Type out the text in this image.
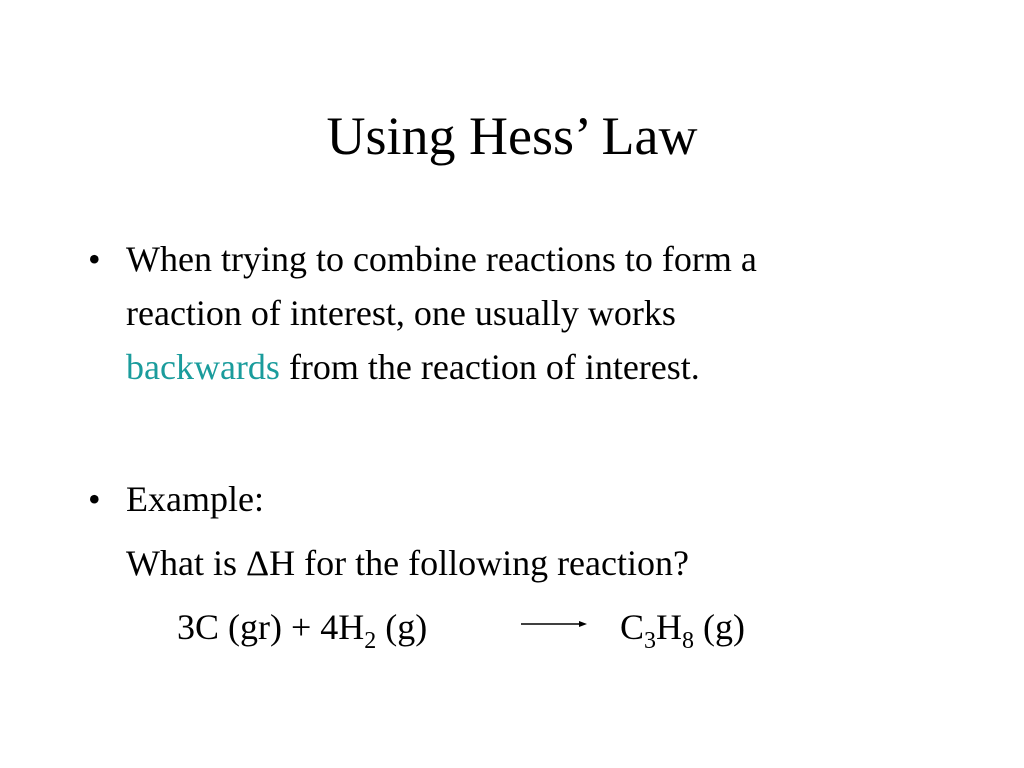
Using Hess’ Law
• When trying to combine reactions to form a
reaction of interest, one usually works
backwards from the reaction of interest.
• Example:
What is ΔH for the following reaction?
3C $(gr) + 4H_2$ (g)	→ $C_3H_8$ (g)
